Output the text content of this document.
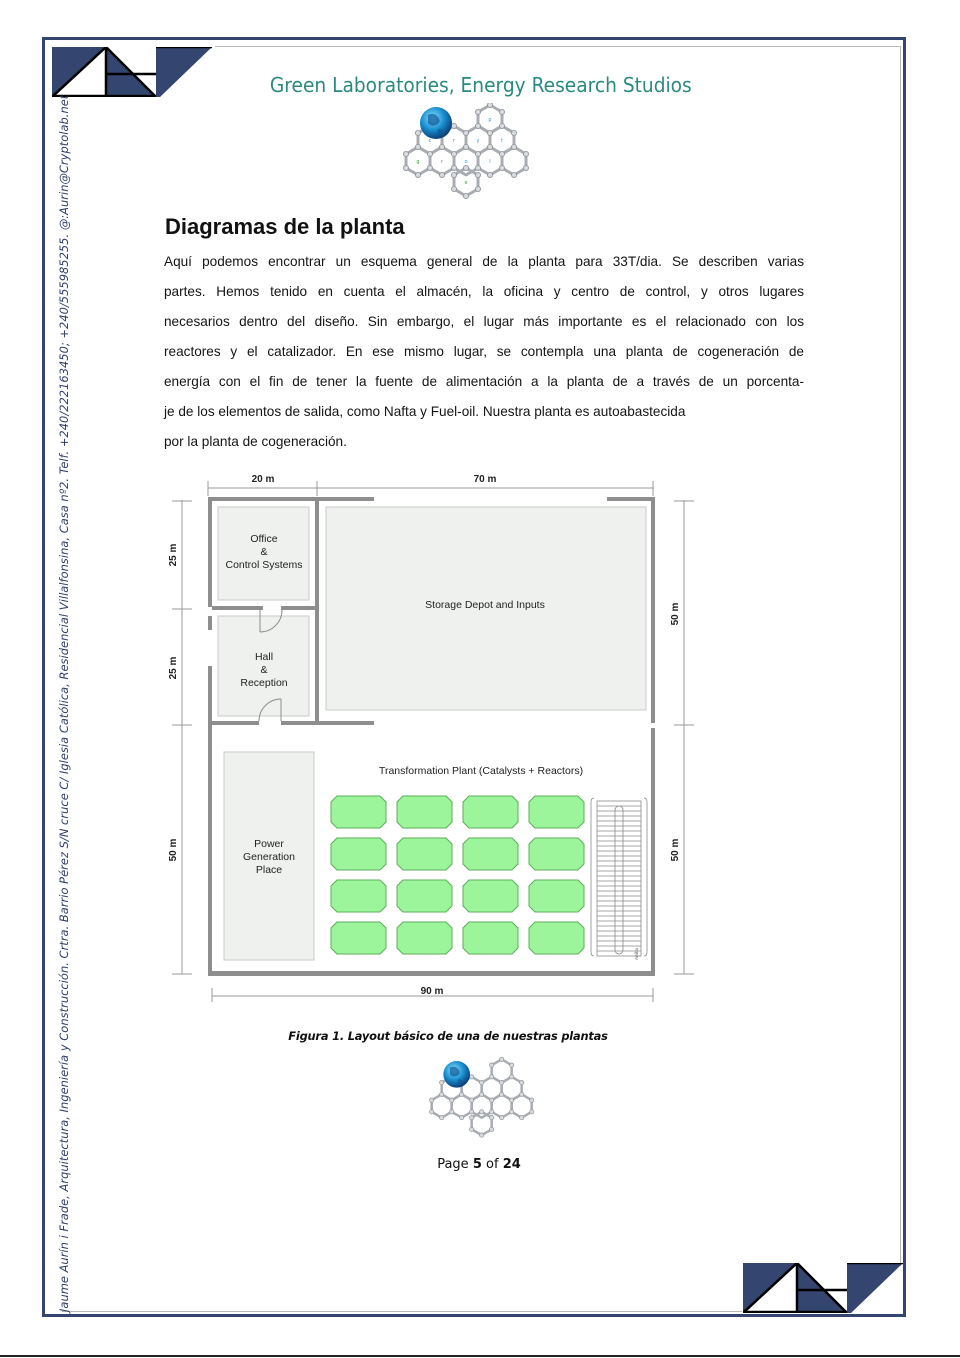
Jaume Aurín i Frade, Arquitectura, Ingeniería y Construcción. Crtra. Barrio Pérez S/N cruce C/ Iglesia Católica, Residencial Villalfonsina, Casa nº2. Telf. +240/222163450; +240/555985255. @:Aurin@Cryptolab.net
Green Laboratories, Energy Research Studios
c	r	y
p
t
g	r	o	l
e
Diagramas de la planta
Aquí podemos encontrar un esquema general de la planta para 33T/dia. Se describen varias
partes. Hemos tenido en cuenta el almacén, la oficina y centro de control, y otros lugares
necesarios dentro del diseño. Sin embargo, el lugar más importante es el relacionado con los
reactores y el catalizador. En ese mismo lugar, se contempla una planta de cogeneración de
energía con el fin de tener la fuente de alimentación a la planta de a través de un porcenta-
je de los elementos de salida, como Nafta y Fuel-oil. Nuestra planta es autoabastecida
por la planta de cogeneración.
20 m	70 m
90 m
25 m
25 m
50 m
50 m
50 m
Office
&
Control Systems
Hall
&
Reception
Storage Depot and Inputs
Power
Generation
Place
Transformation Plant (Catalysts + Reactors)
Arriba
Figura 1. Layout básico de una de nuestras plantas
Page 5 of 24
